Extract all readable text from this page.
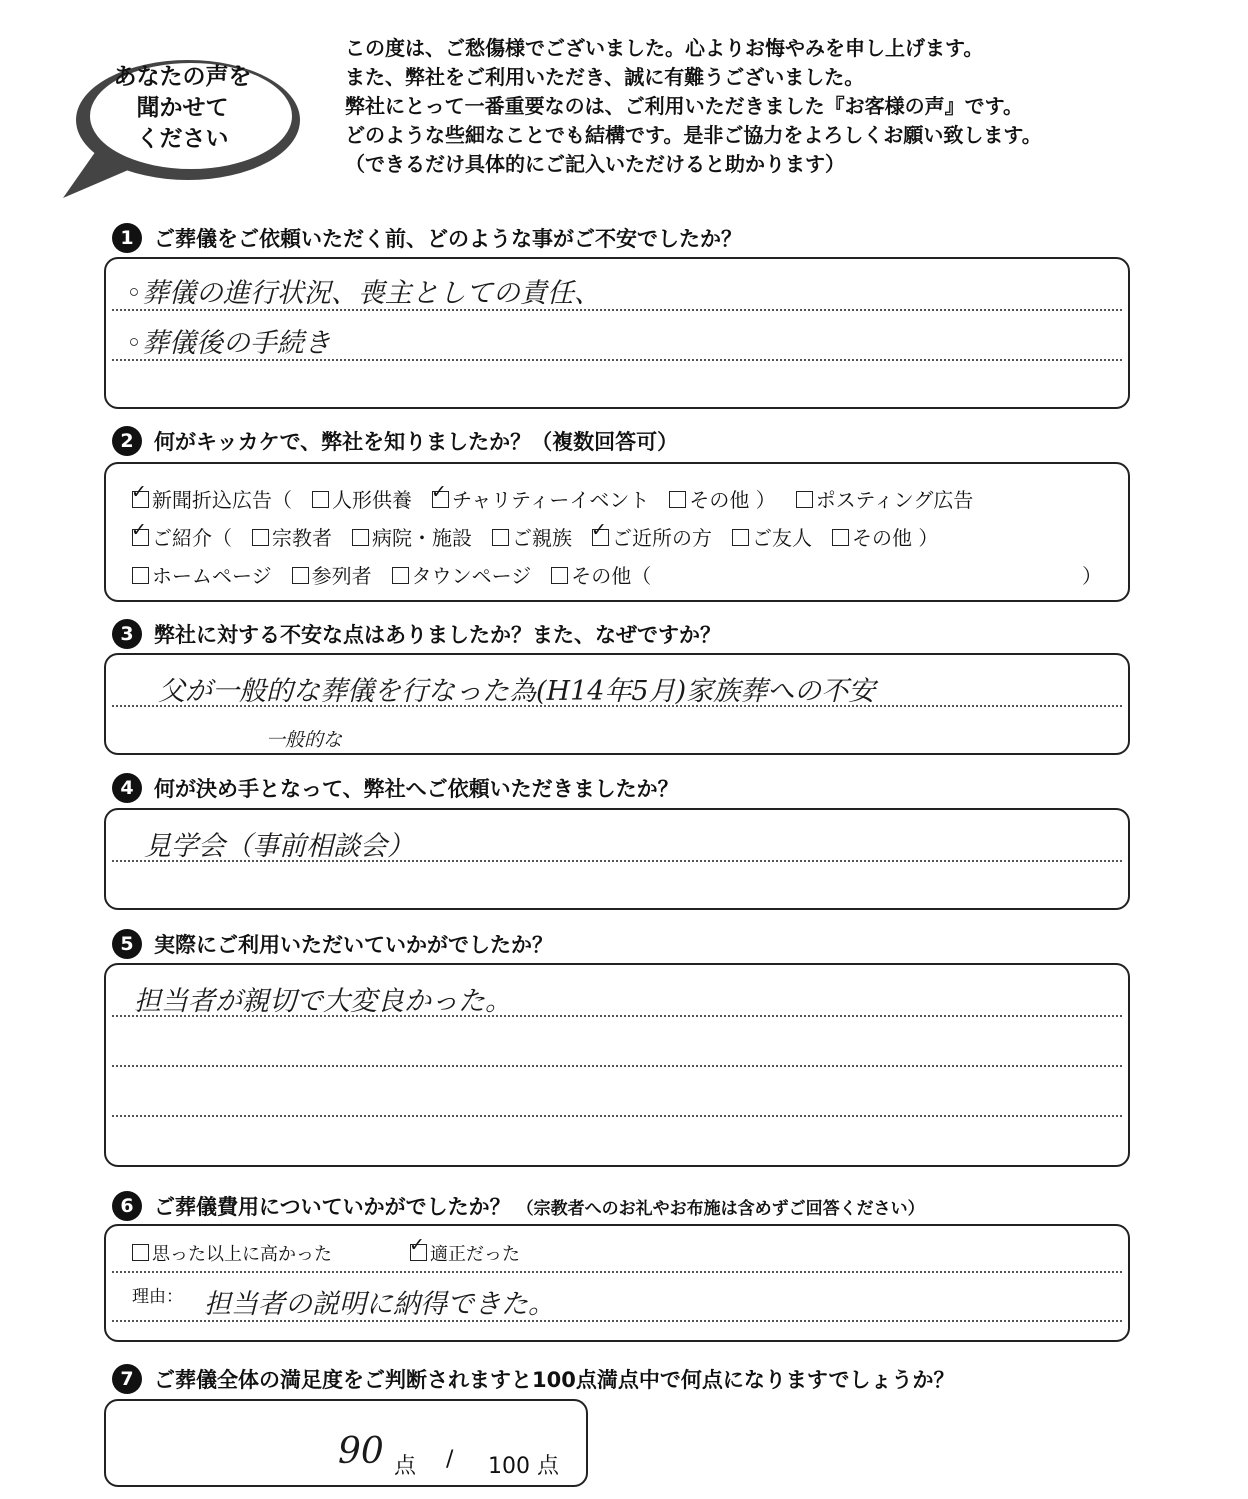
あなたの声を
聞かせて
ください
この度は、ご愁傷様でございました。心よりお悔やみを申し上げます。
また、弊社をご利用いただき、誠に有難うございました。
弊社にとって一番重要なのは、ご利用いただきました『お客様の声』です。
どのような些細なことでも結構です。是非ご協力をよろしくお願い致します。
（できるだけ具体的にご記入いただけると助かります）
1 ご葬儀をご依頼いただく前、どのような事がご不安でしたか？
◦葬儀の進行状況、喪主としての責任、
◦葬儀後の手続き
2 何がキッカケで、弊社を知りましたか？（複数回答可）
✓新聞折込広告（	人形供養 ✓	チャリティーイベント	その他 ）	ポスティング広告
✓ご紹介（	宗教者	病院・施設	ご親族 ✓	ご近所の方	ご友人	その他 ）
ホームページ	参列者	タウンページ	その他（	）
3 弊社に対する不安な点はありましたか？また、なぜですか？
父が一般的な葬儀を行なった為(H14年5月)家族葬への不安
一般的な
4 何が決め手となって、弊社へご依頼いただきましたか？
見学会（事前相談会）
5 実際にご利用いただいていかがでしたか？
担当者が親切で大変良かった。
6 ご葬儀費用についていかがでしたか？ （宗教者へのお礼やお布施は含めずご回答ください）
思った以上に高かった ✓	適正だった
理由： 担当者の説明に納得できた。
7 ご葬儀全体の満足度をご判断されますと100点満点中で何点になりますでしょうか？
90 点 / 100 点
